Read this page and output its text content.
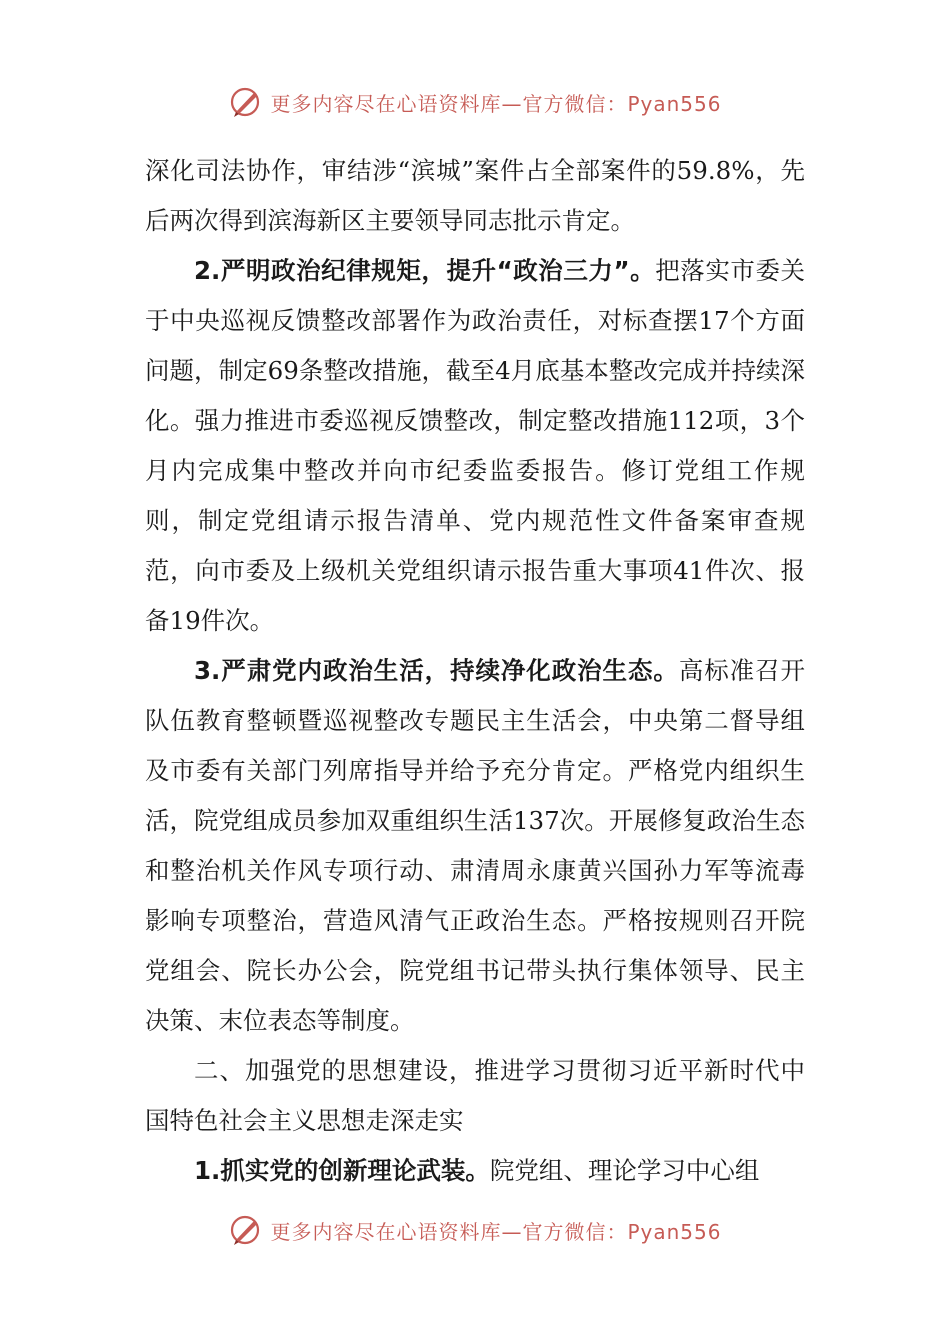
更多内容尽在心语资料库—官方微信：Pyan556

深化司法协作，审结涉“滨城”案件占全部案件的59.8%，先后两次得到滨海新区主要领导同志批示肯定。

2.严明政治纪律规矩，提升“政治三力”。把落实市委关于中央巡视反馈整改部署作为政治责任，对标查摆17个方面问题，制定69条整改措施，截至4月底基本整改完成并持续深化。强力推进市委巡视反馈整改，制定整改措施112项，3个月内完成集中整改并向市纪委监委报告。修订党组工作规则，制定党组请示报告清单、党内规范性文件备案审查规范，向市委及上级机关党组织请示报告重大事项41件次、报备19件次。

3.严肃党内政治生活，持续净化政治生态。高标准召开队伍教育整顿暨巡视整改专题民主生活会，中央第二督导组及市委有关部门列席指导并给予充分肯定。严格党内组织生活，院党组成员参加双重组织生活137次。开展修复政治生态和整治机关作风专项行动、肃清周永康黄兴国孙力军等流毒影响专项整治，营造风清气正政治生态。严格按规则召开院党组会、院长办公会，院党组书记带头执行集体领导、民主决策、末位表态等制度。

二、加强党的思想建设，推进学习贯彻习近平新时代中国特色社会主义思想走深走实

1.抓实党的创新理论武装。院党组、理论学习中心组

更多内容尽在心语资料库—官方微信：Pyan556
